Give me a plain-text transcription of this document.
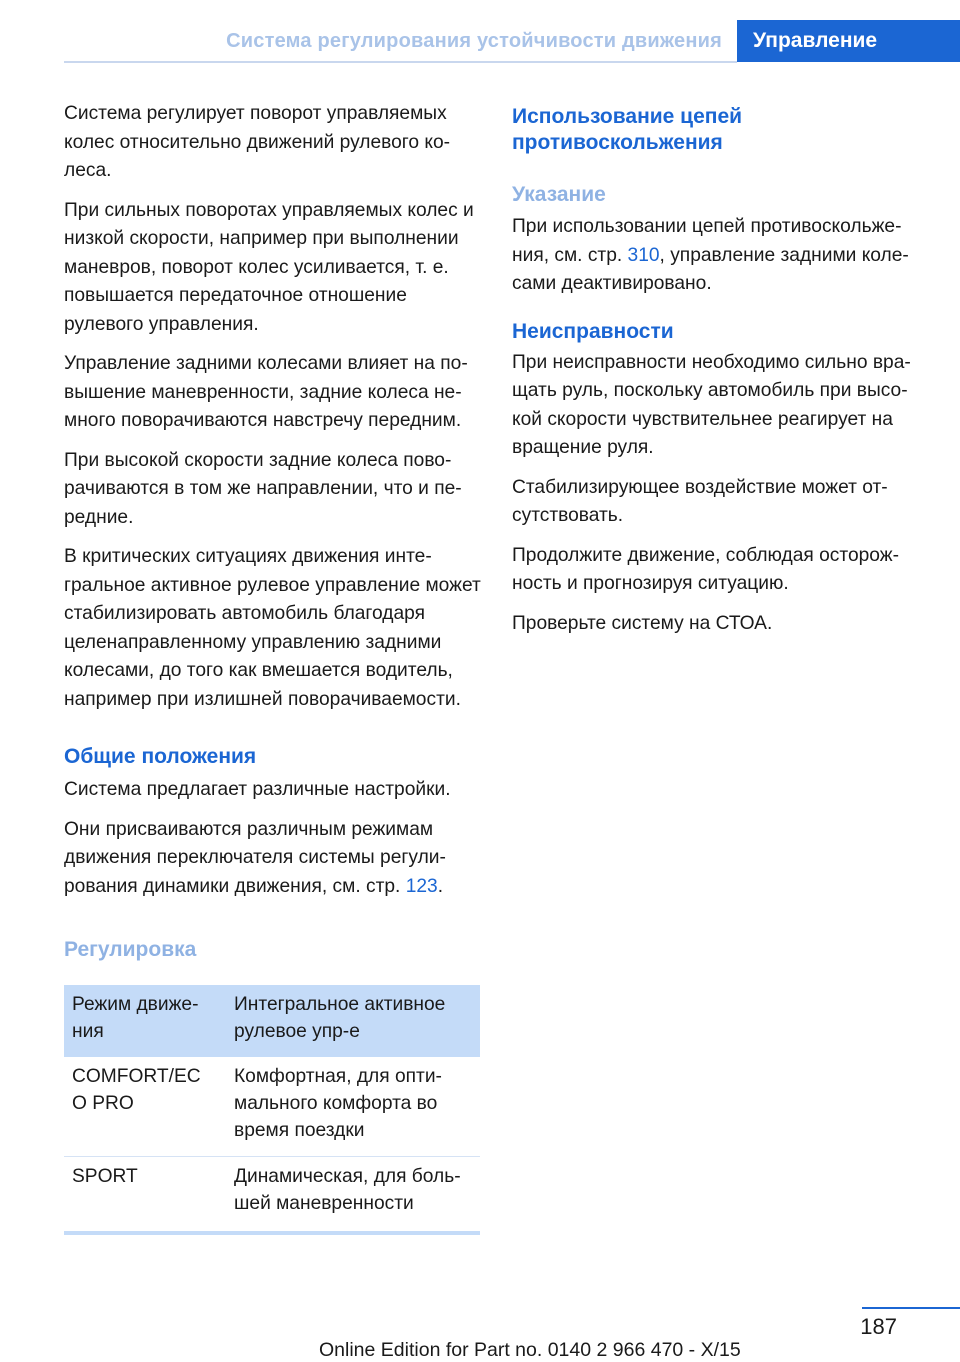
Система регулирования устойчивости движения Управление

Система регулирует поворот управляемых колес относительно движений рулевого колеса.

При сильных поворотах управляемых колес и низкой скорости, например при выполнении маневров, поворот колес усиливается, т. е. повышается передаточное отношение рулевого управления.

Управление задними колесами влияет на повышение маневренности, задние колеса немного поворачиваются навстречу передним.

При высокой скорости задние колеса поворачиваются в том же направлении, что и передние.

В критических ситуациях движения интегральное активное рулевое управление может стабилизировать автомобиль благодаря целенаправленному управлению задними колесами, до того как вмешается водитель, например при излишней поворачиваемости.

Общие положения

Система предлагает различные настройки.

Они присваиваются различным режимам движения переключателя системы регулирования динамики движения, см. стр. 123.

Регулировка
Режим движения	Интегральное активное рулевое упр-е
COMFORT/EC O PRO	Комфортная, для оптимального комфорта во время поездки
SPORT	Динамическая, для большей маневренности
Использование цепей противоскольжения
Указание

При использовании цепей противоскольжения, см. стр. 310, управление задними колесами деактивировано.

Неисправности

При неисправности необходимо сильно вращать руль, поскольку автомобиль при высокой скорости чувствительнее реагирует на вращение руля.

Стабилизирующее воздействие может отсутствовать.

Продолжите движение, соблюдая осторожность и прогнозируя ситуацию.

Проверьте систему на СТОА.

187
Online Edition for Part no. 0140 2 966 470 - X/15
